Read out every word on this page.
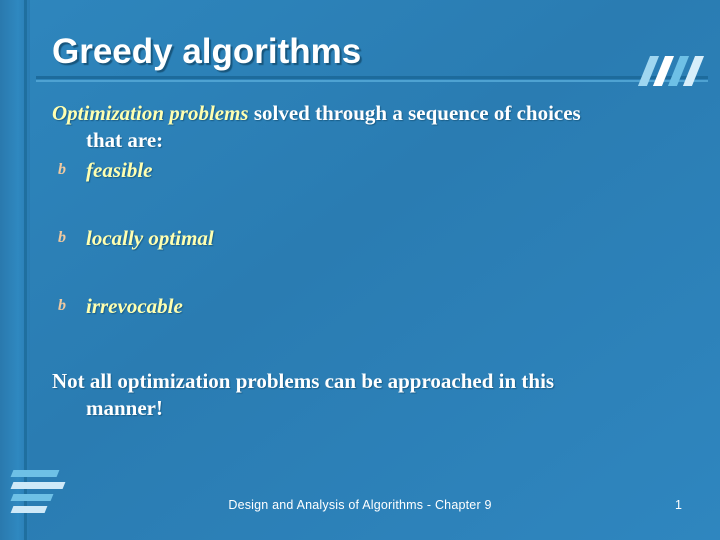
Greedy algorithms

Optimization problems solved through a sequence of choices
that are:

b feasible
b locally optimal
b irrevocable

Not all optimization problems can be approached in this
manner!

Design and Analysis of Algorithms - Chapter 9	1
